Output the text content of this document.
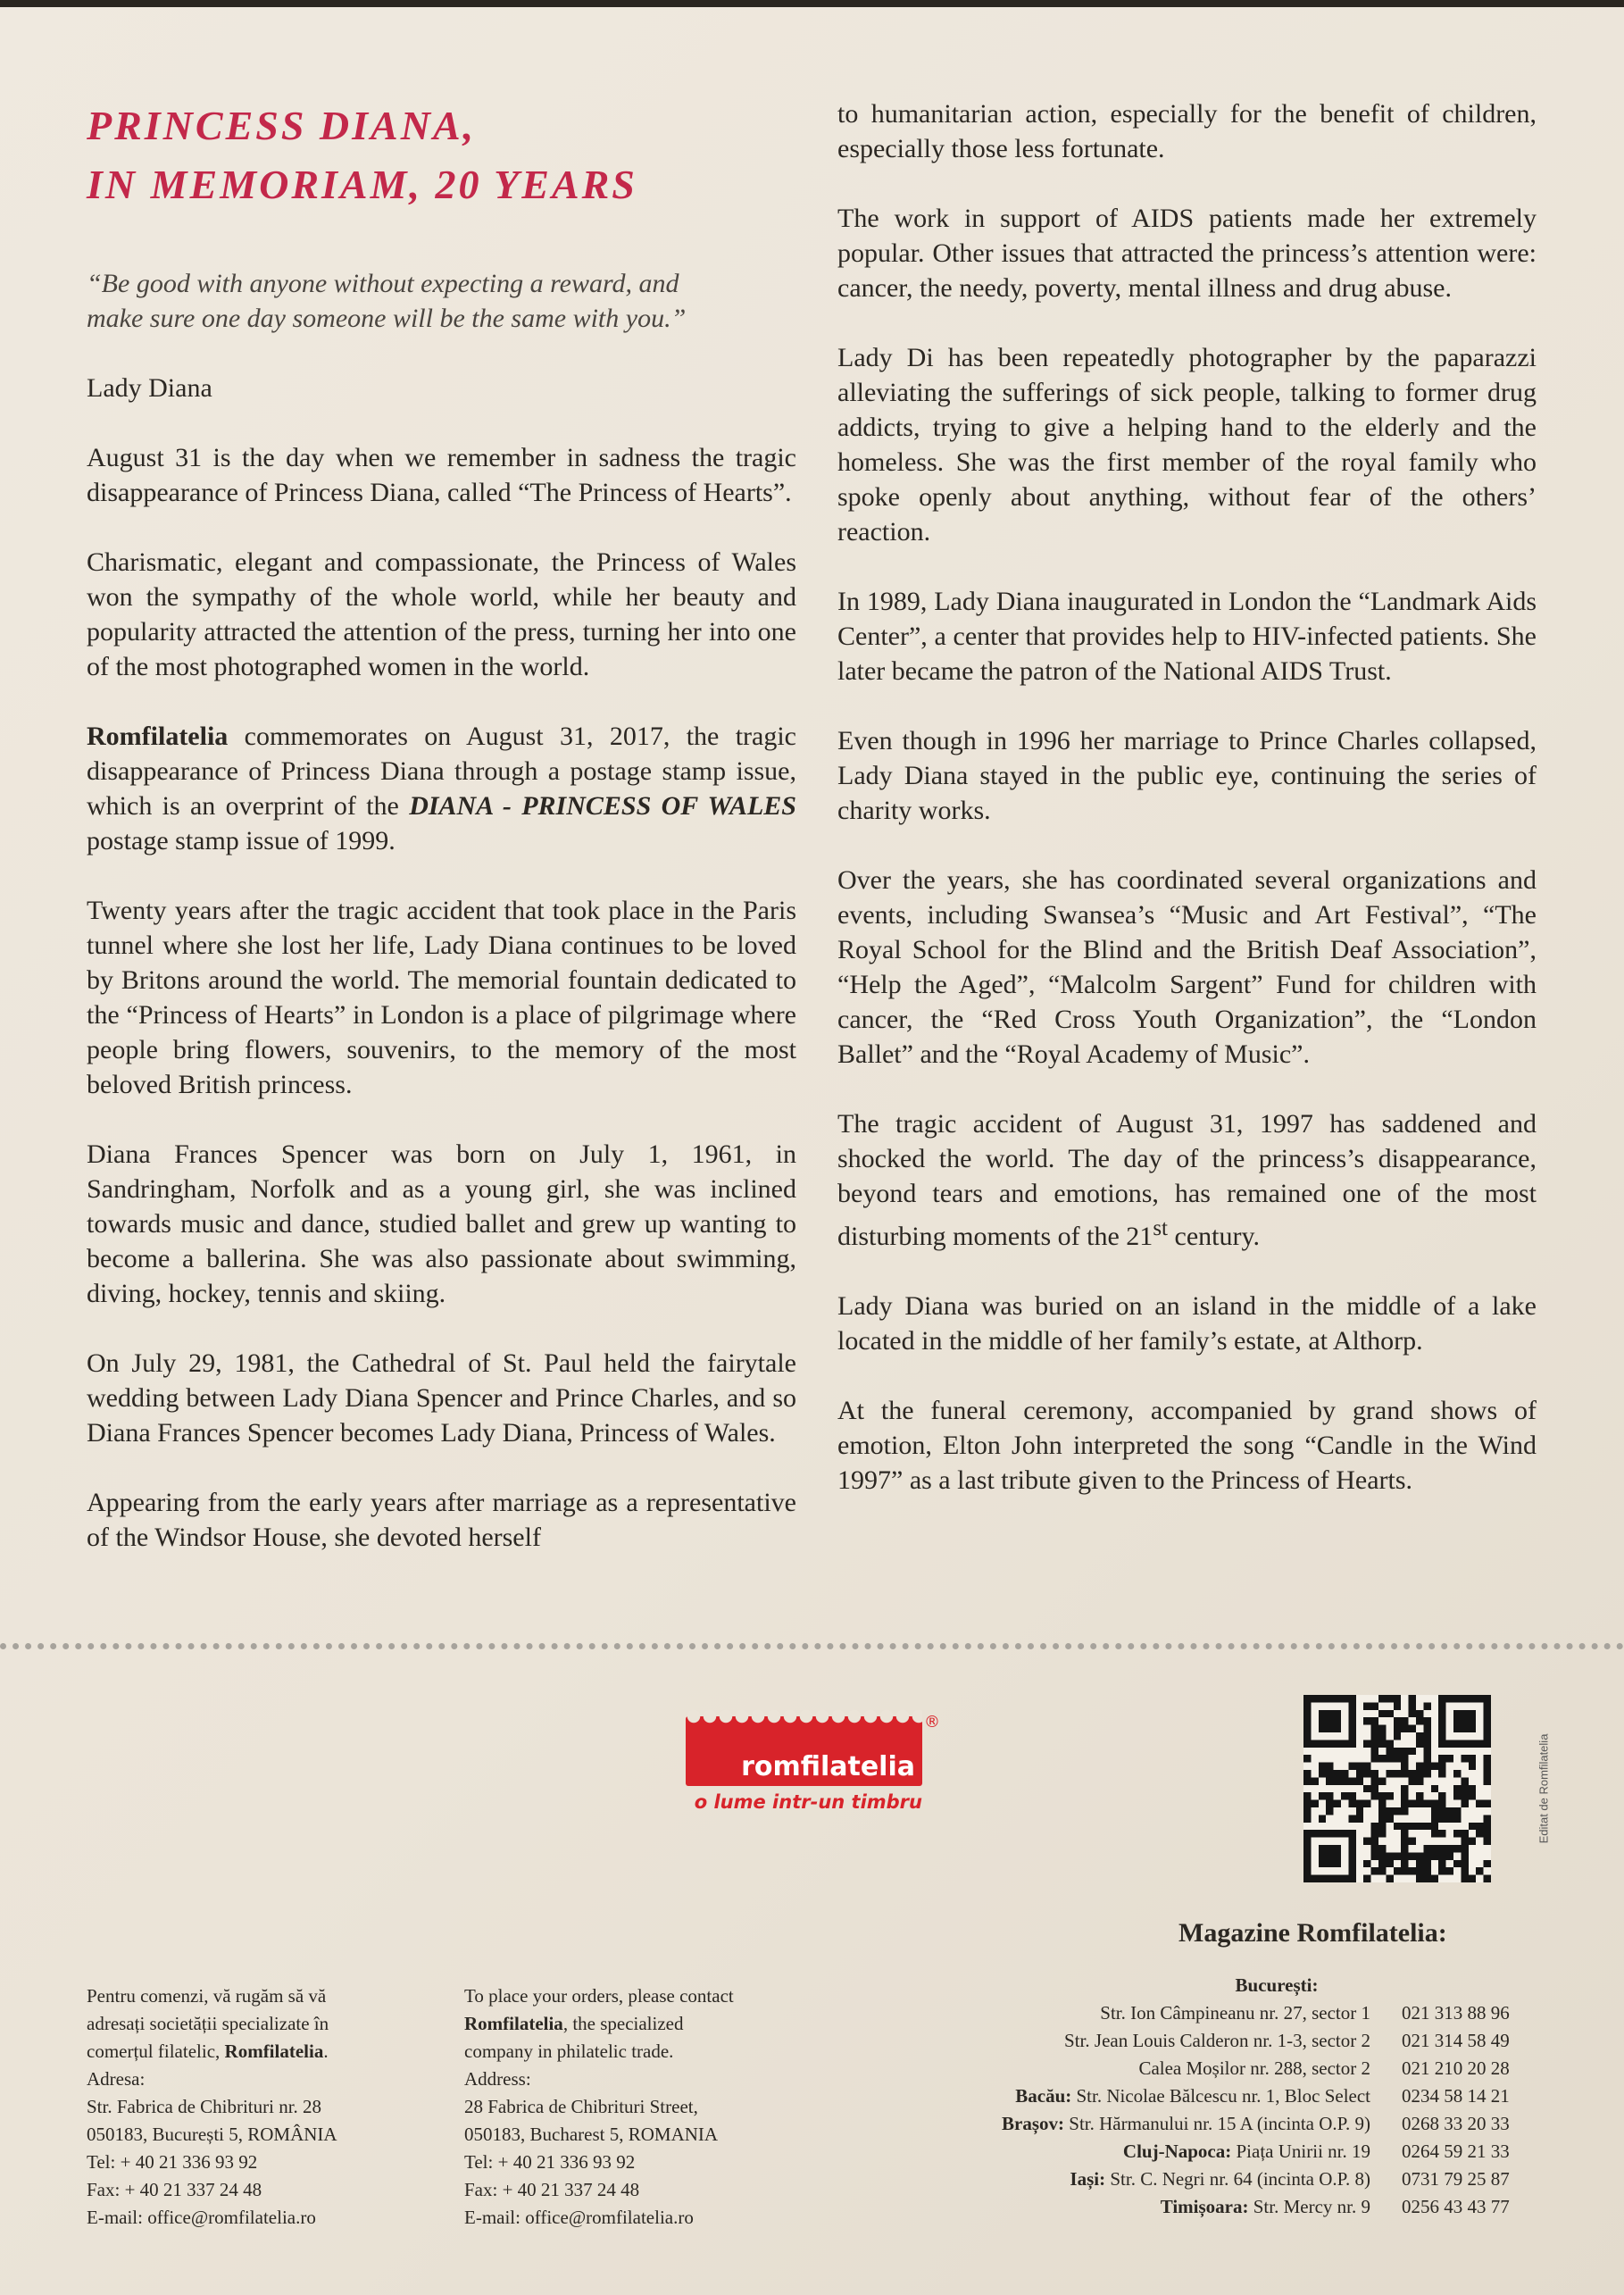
PRINCESS DIANA,
IN MEMORIAM, 20 YEARS

“Be good with anyone without expecting a reward, and
make sure one day someone will be the same with you.”

Lady Diana

August 31 is the day when we remember in sadness the tragic disappearance of Princess Diana, called “The Princess of Hearts”.

Charismatic, elegant and compassionate, the Princess of Wales won the sympathy of the whole world, while her beauty and popularity attracted the attention of the press, turning her into one of the most photographed women in the world.

Romfilatelia commemorates on August 31, 2017, the tragic disappearance of Princess Diana through a postage stamp issue, which is an overprint of the DIANA - PRINCESS OF WALES postage stamp issue of 1999.

Twenty years after the tragic accident that took place in the Paris tunnel where she lost her life, Lady Diana continues to be loved by Britons around the world. The memorial fountain dedicated to the “Princess of Hearts” in London is a place of pilgrimage where people bring flowers, souvenirs, to the memory of the most beloved British princess.

Diana Frances Spencer was born on July 1, 1961, in Sandringham, Norfolk and as a young girl, she was inclined towards music and dance, studied ballet and grew up wanting to become a ballerina. She was also passionate about swimming, diving, hockey, tennis and skiing.

On July 29, 1981, the Cathedral of St. Paul held the fairytale wedding between Lady Diana Spencer and Prince Charles, and so Diana Frances Spencer becomes Lady Diana, Princess of Wales.

Appearing from the early years after marriage as a representative of the Windsor House, she devoted herself

to humanitarian action, especially for the benefit of children, especially those less fortunate.

The work in support of AIDS patients made her extremely popular. Other issues that attracted the princess’s attention were: cancer, the needy, poverty, mental illness and drug abuse.

Lady Di has been repeatedly photographer by the paparazzi alleviating the sufferings of sick people, talking to former drug addicts, trying to give a helping hand to the elderly and the homeless. She was the first member of the royal family who spoke openly about anything, without fear of the others’ reaction.

In 1989, Lady Diana inaugurated in London the “Landmark Aids Center”, a center that provides help to HIV-infected patients. She later became the patron of the National AIDS Trust.

Even though in 1996 her marriage to Prince Charles collapsed, Lady Diana stayed in the public eye, continuing the series of charity works.

Over the years, she has coordinated several organizations and events, including Swansea’s “Music and Art Festival”, “The Royal School for the Blind and the British Deaf Association”, “Help the Aged”, “Malcolm Sargent” Fund for children with cancer, the “Red Cross Youth Organization”, the “London Ballet” and the “Royal Academy of Music”.

The tragic accident of August 31, 1997 has saddened and shocked the world. The day of the princess’s disappearance, beyond tears and emotions, has remained one of the most disturbing moments of the 21st century.

Lady Diana was buried on an island in the middle of a lake located in the middle of her family’s estate, at Althorp.

At the funeral ceremony, accompanied by grand shows of emotion, Elton John interpreted the song “Candle in the Wind 1997” as a last tribute given to the Princess of Hearts.

romfilatelia
®
o lume intr-un timbru	Editat de Romfilatelia
Magazine Romfilatelia:
Pentru comenzi, vă rugăm să vă
adresați societății specializate în
comerțul filatelic, Romfilatelia.
Adresa:
Str. Fabrica de Chibrituri nr. 28
050183, București 5, ROMÂNIA
Tel: + 40 21 336 93 92
Fax: + 40 21 337 24 48
E-mail: office@romfilatelia.ro
To place your orders, please contact
Romfilatelia, the specialized
company in philatelic trade.
Address:
28 Fabrica de Chibrituri Street,
050183, Bucharest 5, ROMANIA
Tel: + 40 21 336 93 92
Fax: + 40 21 337 24 48
E-mail: office@romfilatelia.ro
București:
Str. Ion Câmpineanu nr. 27, sector 1 021 313 88 96
Str. Jean Louis Calderon nr. 1-3, sector 2 021 314 58 49
Calea Moșilor nr. 288, sector 2 021 210 20 28
Bacău: Str. Nicolae Bălcescu nr. 1, Bloc Select 0234 58 14 21
Brașov: Str. Hărmanului nr. 15 A (incinta O.P. 9) 0268 33 20 33
Cluj-Napoca: Piața Unirii nr. 19 0264 59 21 33
Iași: Str. C. Negri nr. 64 (incinta O.P. 8) 0731 79 25 87
Timișoara: Str. Mercy nr. 9 0256 43 43 77
